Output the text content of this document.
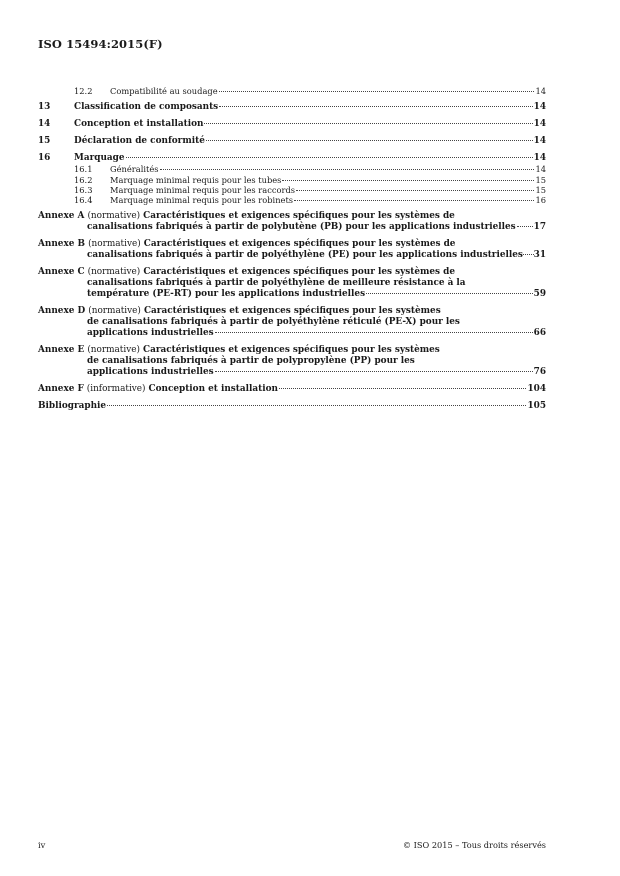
ISO 15494:2015(F)
12.2	Compatibilité au soudage	14
13	Classification de composants	14
14	Conception et installation	14
15	Déclaration de conformité	14
16	Marquage	14
16.1	Généralités	14
16.2	Marquage minimal requis pour les tubes	15
16.3	Marquage minimal requis pour les raccords	15
16.4	Marquage minimal requis pour les robinets	16
Annexe A (normative) Caractéristiques et exigences spécifiques pour les systèmes de
canalisations fabriqués à partir de polybutène (PB) pour les applications industrielles 17
Annexe B (normative) Caractéristiques et exigences spécifiques pour les systèmes de
canalisations fabriqués à partir de polyéthylène (PE) pour les applications industrielles 31
Annexe C (normative) Caractéristiques et exigences spécifiques pour les systèmes de
canalisations fabriqués à partir de polyéthylène de meilleure résistance à la
température (PE-RT) pour les applications industrielles	59
Annexe D (normative) Caractéristiques et exigences spécifiques pour les systèmes
de canalisations fabriqués à partir de polyéthylène réticulé (PE-X) pour les
applications industrielles	66
Annexe E (normative) Caractéristiques et exigences spécifiques pour les systèmes
de canalisations fabriqués à partir de polypropylène (PP) pour les
applications industrielles	76
Annexe F (informative) Conception et installation	104
Bibliographie	105
iv	© ISO 2015 – Tous droits réservés
